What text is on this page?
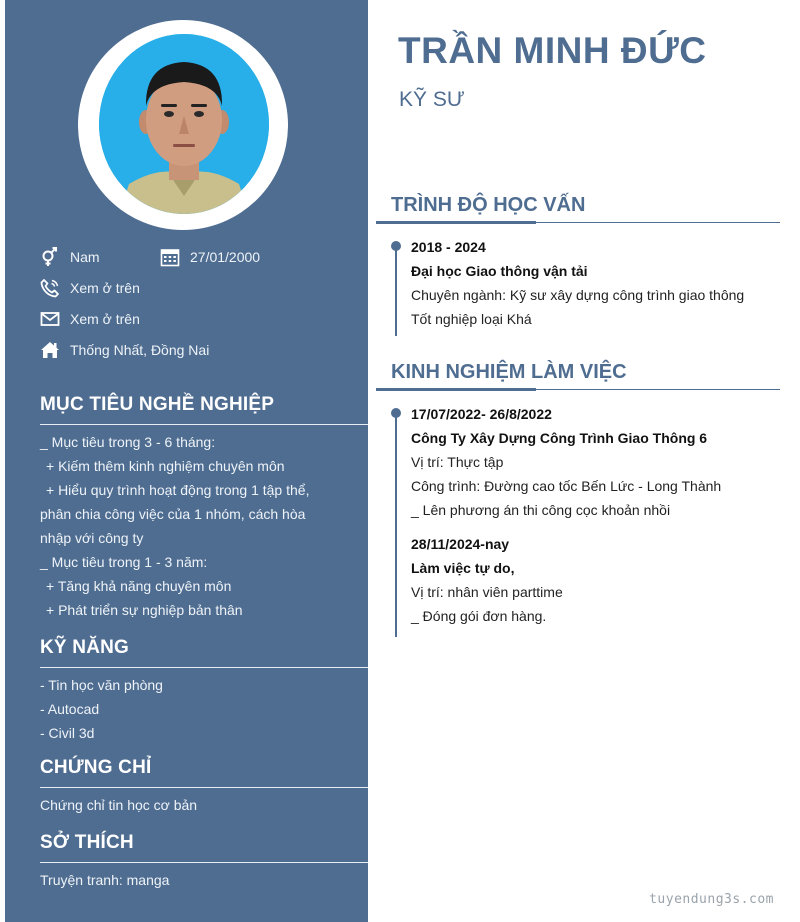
Nam	27/01/2000
Xem ở trên
Xem ở trên
Thống Nhất, Đồng Nai
MỤC TIÊU NGHỀ NGHIỆP
_ Mục tiêu trong 3 - 6 tháng:
+ Kiếm thêm kinh nghiệm chuyên môn
+ Hiểu quy trình hoạt động trong 1 tập thể,
phân chia công việc của 1 nhóm, cách hòa
nhập với công ty
_ Mục tiêu trong 1 - 3 năm:
+ Tăng khả năng chuyên môn
+ Phát triển sự nghiệp bản thân
KỸ NĂNG
- Tin học văn phòng
- Autocad
- Civil 3d
CHỨNG CHỈ
Chứng chỉ tin học cơ bản
SỞ THÍCH
Truyện tranh: manga
TRẦN MINH ĐỨC
KỸ SƯ
TRÌNH ĐỘ HỌC VẤN
2018 - 2024
Đại học Giao thông vận tải
Chuyên ngành: Kỹ sư xây dựng công trình giao thông
Tốt nghiệp loại Khá
KINH NGHIỆM LÀM VIỆC
17/07/2022- 26/8/2022
Công Ty Xây Dựng Công Trình Giao Thông 6
Vị trí: Thực tập
Công trình: Đường cao tốc Bến Lức - Long Thành
_ Lên phương án thi công cọc khoản nhồi
28/11/2024-nay
Làm việc tự do,
Vị trí: nhân viên parttime
_ Đóng gói đơn hàng.
tuyendung3s.com
